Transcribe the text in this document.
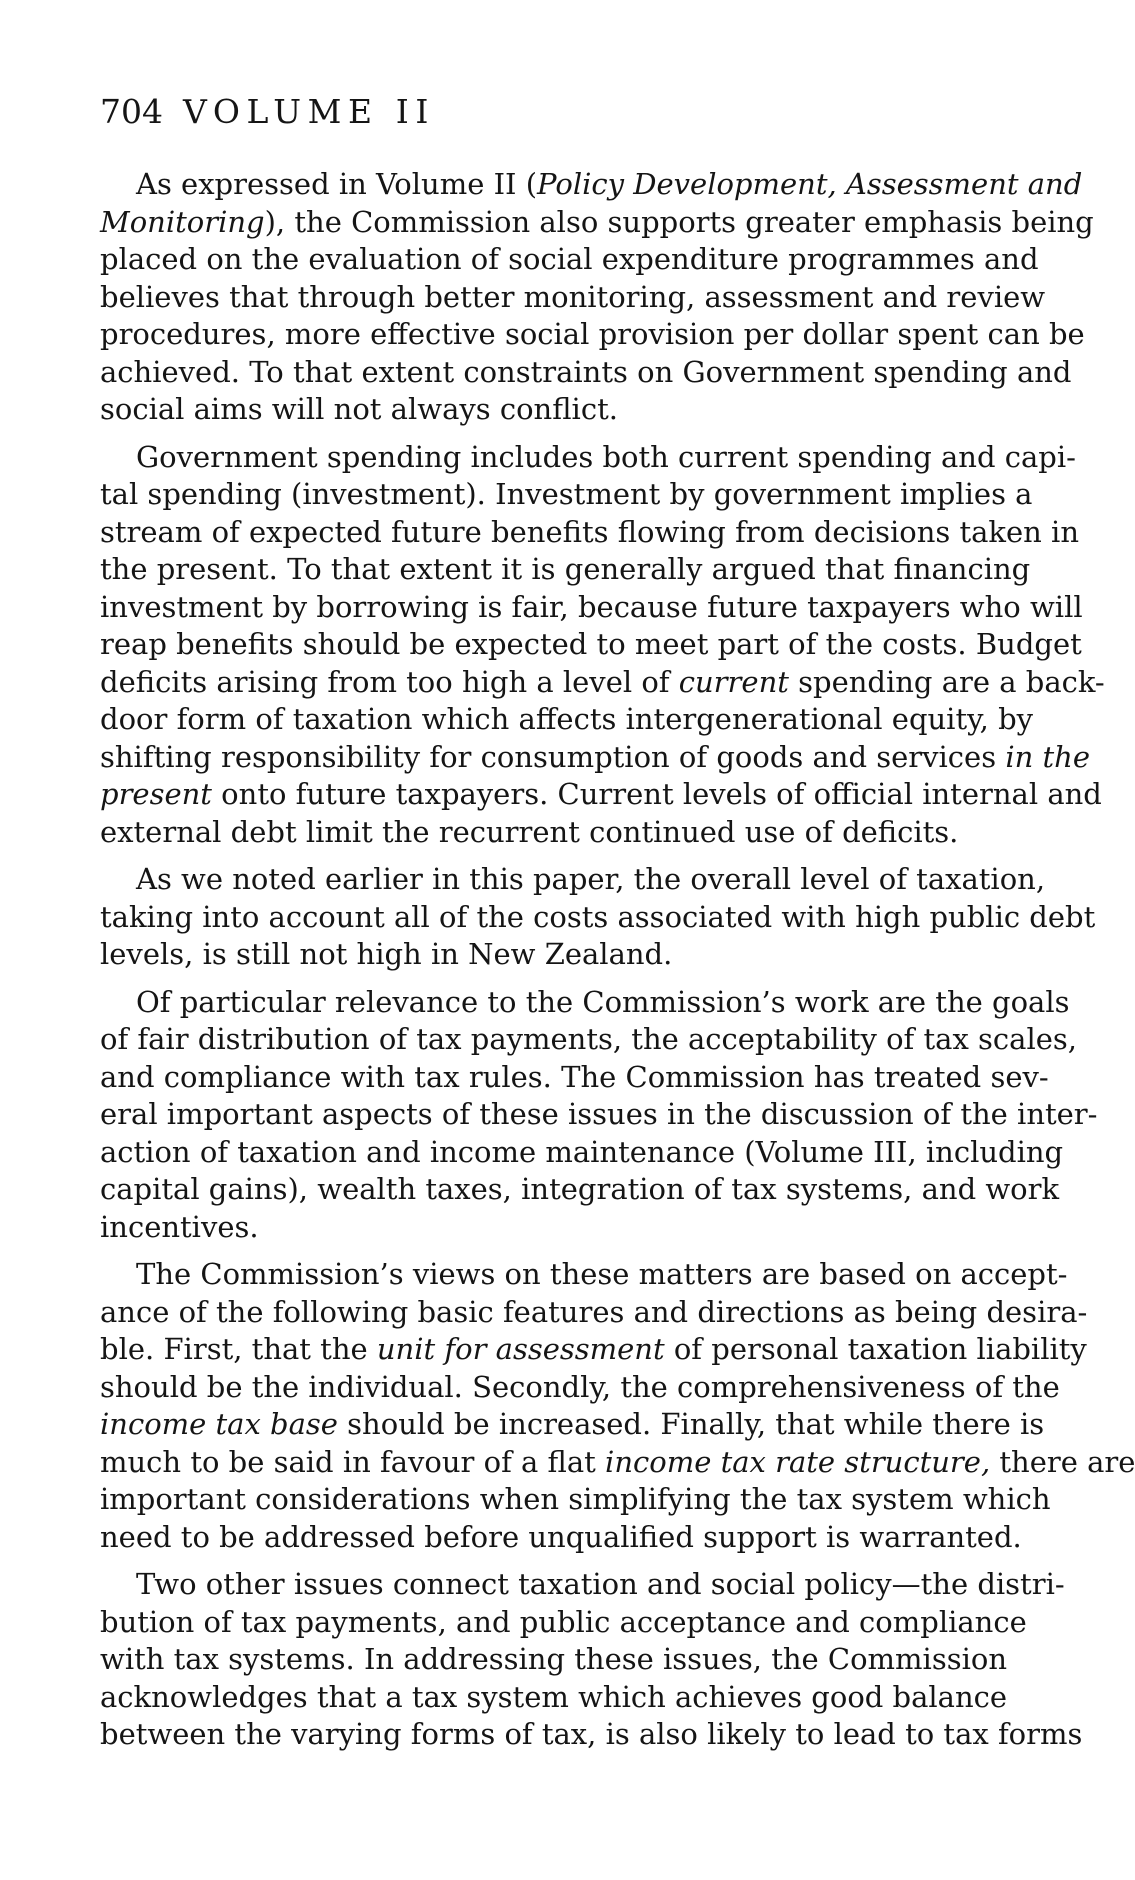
704 VOLUME II
As expressed in Volume II (Policy Development, Assessment and
Monitoring), the Commission also supports greater emphasis being
placed on the evaluation of social expenditure programmes and
believes that through better monitoring, assessment and review
procedures, more effective social provision per dollar spent can be
achieved. To that extent constraints on Government spending and
social aims will not always conflict.
Government spending includes both current spending and capi-
tal spending (investment). Investment by government implies a
stream of expected future benefits flowing from decisions taken in
the present. To that extent it is generally argued that financing
investment by borrowing is fair, because future taxpayers who will
reap benefits should be expected to meet part of the costs. Budget
deficits arising from too high a level of current spending are a back-
door form of taxation which affects intergenerational equity, by
shifting responsibility for consumption of goods and services in the
present onto future taxpayers. Current levels of official internal and
external debt limit the recurrent continued use of deficits.
As we noted earlier in this paper, the overall level of taxation,
taking into account all of the costs associated with high public debt
levels, is still not high in New Zealand.
Of particular relevance to the Commission’s work are the goals
of fair distribution of tax payments, the acceptability of tax scales,
and compliance with tax rules. The Commission has treated sev-
eral important aspects of these issues in the discussion of the inter-
action of taxation and income maintenance (Volume III, including
capital gains), wealth taxes, integration of tax systems, and work
incentives.
The Commission’s views on these matters are based on accept-
ance of the following basic features and directions as being desira-
ble. First, that the unit for assessment of personal taxation liability
should be the individual. Secondly, the comprehensiveness of the
income tax base should be increased. Finally, that while there is
much to be said in favour of a flat income tax rate structure, there are
important considerations when simplifying the tax system which
need to be addressed before unqualified support is warranted.
Two other issues connect taxation and social policy—the distri-
bution of tax payments, and public acceptance and compliance
with tax systems. In addressing these issues, the Commission
acknowledges that a tax system which achieves good balance
between the varying forms of tax, is also likely to lead to tax forms
